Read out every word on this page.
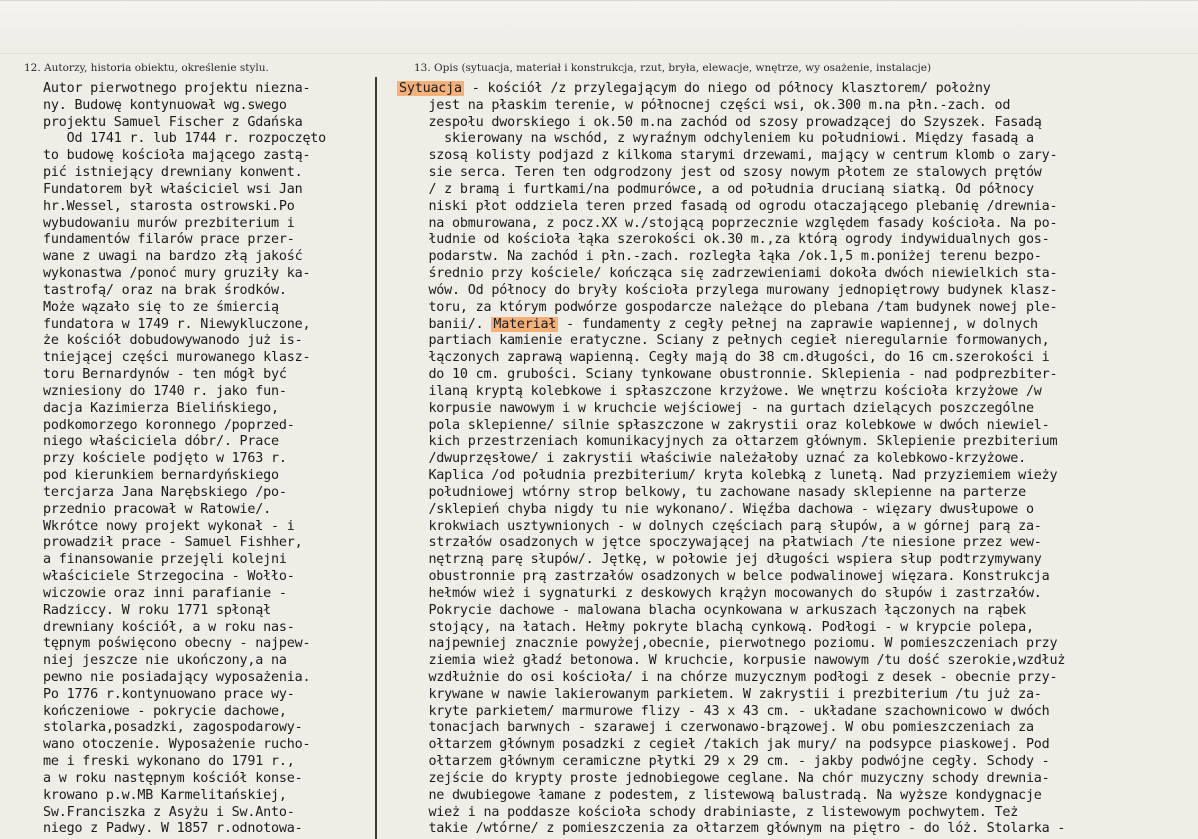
12. Autorzy, historia obiektu, określenie stylu.	13. Opis (sytuacja, materiał i konstrukcja, rzut, bryła, elewacje, wnętrze, wy osażenie, instalacje)
Autor pierwotnego projektu niezna-
ny. Budowę kontynuował wg.swego
projektu Samuel Fischer z Gdańska
Od 1741 r. lub 1744 r. rozpoczęto
to budowę kościoła mającego zastą-
pić istniejący drewniany konwent.
Fundatorem był właściciel wsi Jan
hr.Wessel, starosta ostrowski.Po
wybudowaniu murów prezbiterium i
fundamentów filarów prace przer-
wane z uwagi na bardzo złą jakość
wykonastwa /ponoć mury gruziły ka-
tastrofą/ oraz na brak środków.
Może wązało się to ze śmiercią
fundatora w 1749 r. Niewykluczone,
że kościół dobudowywanodo już is-
tniejącej części murowanego klasz-
toru Bernardynów - ten mógł być
wzniesiony do 1740 r. jako fun-
dacja Kazimierza Bielińskiego,
podkomorzego koronnego /poprzed-
niego właściciela dóbr/. Prace
przy kościele podjęto w 1763 r.
pod kierunkiem bernardyńskiego
tercjarza Jana Narębskiego /po-
przednio pracował w Ratowie/.
Wkrótce nowy projekt wykonał - i
prowadził prace - Samuel Fishher,
a finansowanie przejęli kolejni
właściciele Strzegocina - Wołło-
wiczowie oraz inni parafianie -
Radziccy. W roku 1771 spłonął
drewniany kościół, a w roku nas-
tępnym poświęcono obecny - najpew-
niej jeszcze nie ukończony,a na
pewno nie posiadający wyposażenia.
Po 1776 r.kontynuowano prace wy-
kończeniowe - pokrycie dachowe,
stolarka,posadzki, zagospodarowy-
wano otoczenie. Wyposażenie rucho-
me i freski wykonano do 1791 r.,
a w roku następnym kościół konse-
krowano p.w.MB Karmelitańskiej,
Sw.Franciszka z Asyżu i Sw.Anto-
niego z Padwy. W 1857 r.odnotowa-
Sytuacja - kościół /z przylegającym do niego od północy klasztorem/ położny
jest na płaskim terenie, w północnej części wsi, ok.300 m.na płn.-zach. od
zespołu dworskiego i ok.50 m.na zachód od szosy prowadzącej do Szyszek. Fasadą
skierowany na wschód, z wyraźnym odchyleniem ku południowi. Między fasadą a
szosą kolisty podjazd z kilkoma starymi drzewami, mający w centrum klomb o zary-
sie serca. Teren ten odgrodzony jest od szosy nowym płotem ze stalowych prętów
/ z bramą i furtkami/na podmurówce, a od południa drucianą siatką. Od północy
niski płot oddziela teren przed fasadą od ogrodu otaczającego plebanię /drewnia-
na obmurowana, z pocz.XX w./stojącą poprzecznie względem fasady kościoła. Na po-
łudnie od kościoła łąka szerokości ok.30 m.,za którą ogrody indywidualnych gos-
podarstw. Na zachód i płn.-zach. rozległa łąka /ok.1,5 m.poniżej terenu bezpo-
średnio przy kościele/ kończąca się zadrzewieniami dokoła dwóch niewielkich sta-
wów. Od północy do bryły kościoła przylega murowany jednopiętrowy budynek klasz-
toru, za którym podwórze gospodarcze należące do plebana /tam budynek nowej ple-
banii/. Materiał - fundamenty z cegły pełnej na zaprawie wapiennej, w dolnych
partiach kamienie eratyczne. Sciany z pełnych cegieł nieregularnie formowanych,
łączonych zaprawą wapienną. Cegły mają do 38 cm.długości, do 16 cm.szerokości i
do 10 cm. grubości. Sciany tynkowane obustronnie. Sklepienia - nad podprezbiter-
ilaną kryptą kolebkowe i spłaszczone krzyżowe. We wnętrzu kościoła krzyżowe /w
korpusie nawowym i w kruchcie wejściowej - na gurtach dzielących poszczególne
pola sklepienne/ silnie spłaszczone w zakrystii oraz kolebkowe w dwóch niewiel-
kich przestrzeniach komunikacyjnych za ołtarzem głównym. Sklepienie prezbiterium
/dwuprzęsłowe/ i zakrystii właściwie należałoby uznać za kolebkowo-krzyżowe.
Kaplica /od południa prezbiterium/ kryta kolebką z lunetą. Nad przyziemiem wieży
południowej wtórny strop belkowy, tu zachowane nasady sklepienne na parterze
/sklepień chyba nigdy tu nie wykonano/. Więźba dachowa - więzary dwusłupowe o
krokwiach usztywnionych - w dolnych częściach parą słupów, a w górnej parą za-
strzałów osadzonych w jętce spoczywającej na płatwiach /te niesione przez wew-
nętrzną parę słupów/. Jętkę, w połowie jej długości wspiera słup podtrzymywany
obustronnie prą zastrzałów osadzonych w belce podwalinowej więzara. Konstrukcja
hełmów wież i sygnaturki z deskowych krążyn mocowanych do słupów i zastrzałów.
Pokrycie dachowe - malowana blacha ocynkowana w arkuszach łączonych na rąbek
stojący, na łatach. Hełmy pokryte blachą cynkową. Podłogi - w krypcie polepa,
najpewniej znacznie powyżej,obecnie, pierwotnego poziomu. W pomieszczeniach przy
ziemia wież gładź betonowa. W kruchcie, korpusie nawowym /tu dość szerokie,wzdłuż
wzdłużnie do osi kościoła/ i na chórze muzycznym podłogi z desek - obecnie przy-
krywane w nawie lakierowanym parkietem. W zakrystii i prezbiterium /tu już za-
kryte parkietem/ marmurowe flizy - 43 x 43 cm. - układane szachownicowo w dwóch
tonacjach barwnych - szarawej i czerwonawo-brązowej. W obu pomieszczeniach za
ołtarzem głównym posadzki z cegieł /takich jak mury/ na podsypce piaskowej. Pod
ołtarzem głównym ceramiczne płytki 29 x 29 cm. - jakby podwójne cegły. Schody -
zejście do krypty proste jednobiegowe ceglane. Na chór muzyczny schody drewnia-
ne dwubiegowe łamane z podestem, z listewową balustradą. Na wyższe kondygnacje
wież i na poddasze kościoła schody drabiniaste, z listewowym pochwytem. Też
takie /wtórne/ z pomieszczenia za ołtarzem głównym na piętro - do lóż. Stolarka -
